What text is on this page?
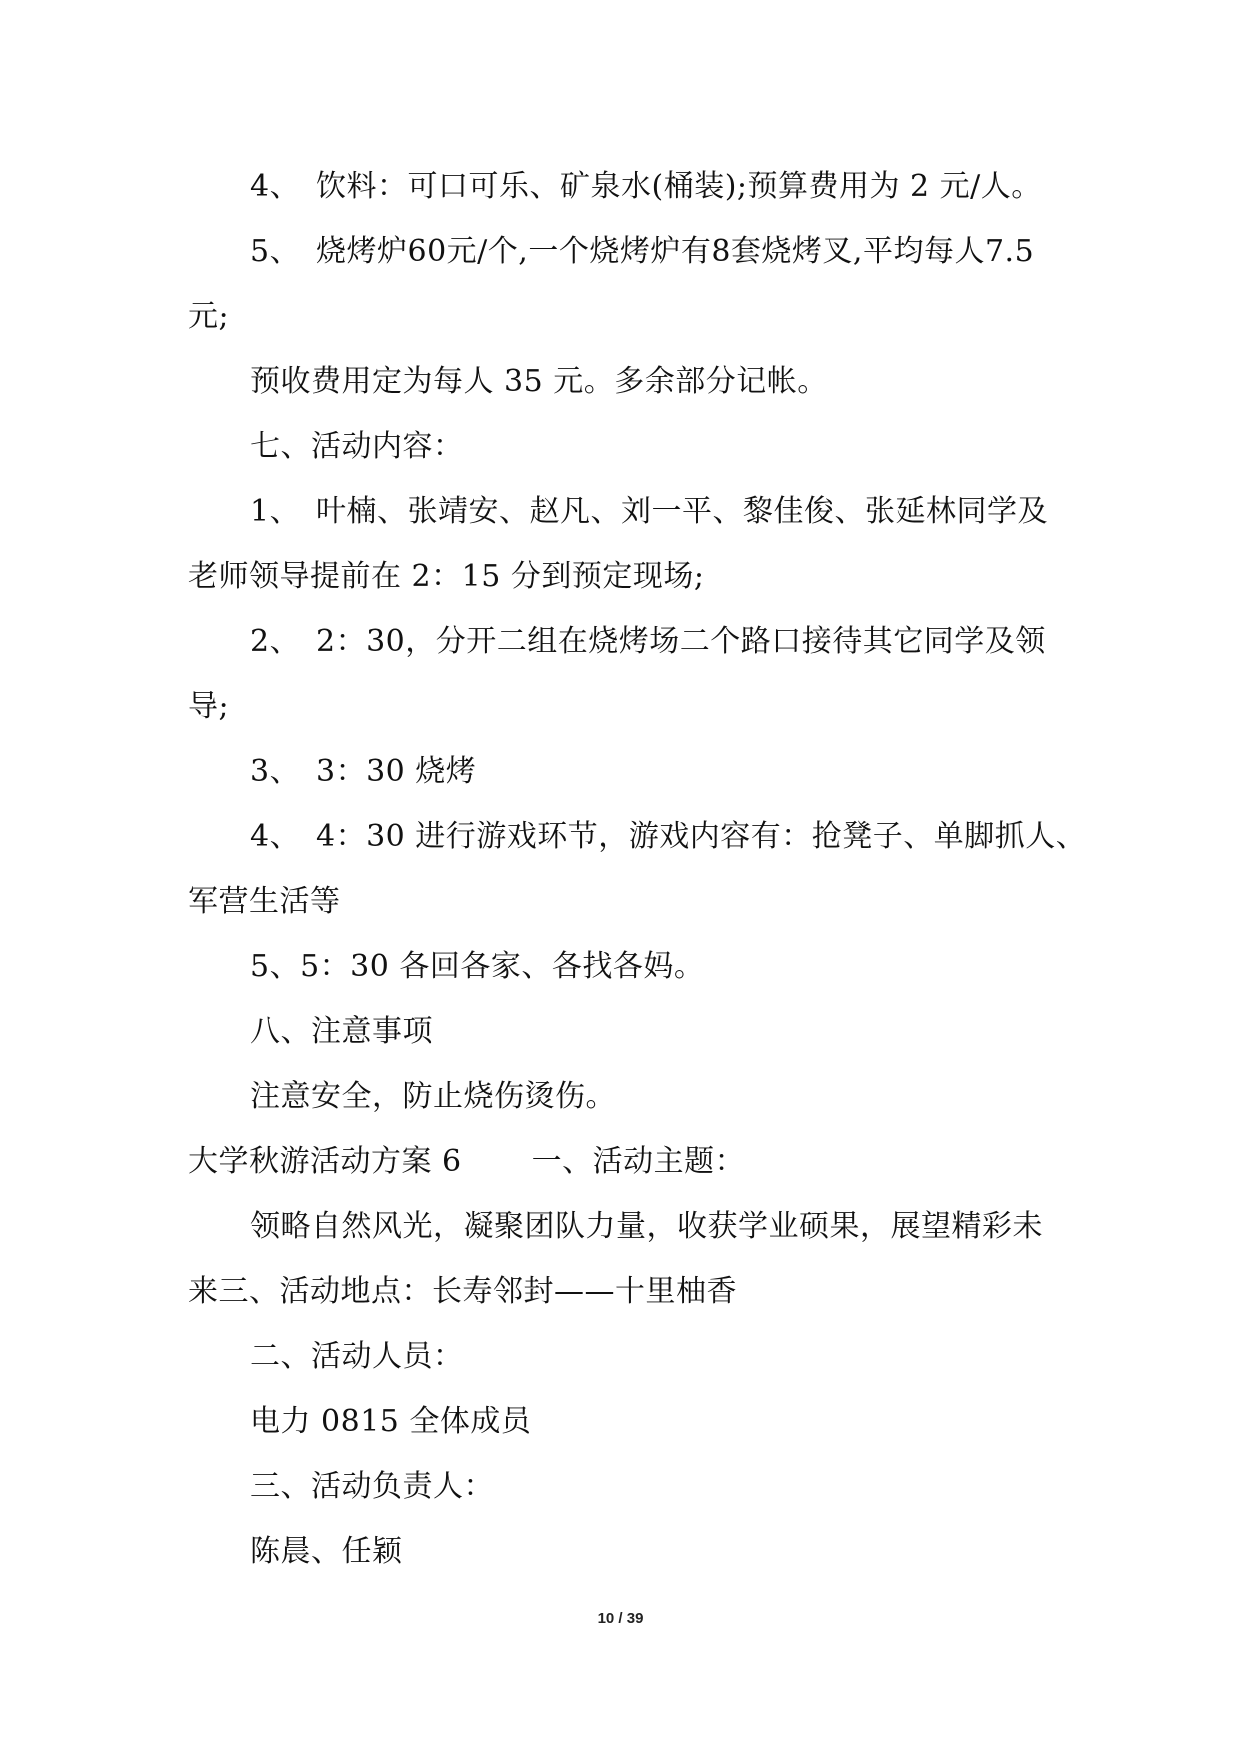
4、 饮料：可口可乐、矿泉水(桶装);预算费用为 2 元/人。
5、 烧烤炉60元/个,一个烧烤炉有8套烧烤叉,平均每人7.5
元;
预收费用定为每人 35 元。多余部分记帐。
七、活动内容：
1、 叶楠、张靖安、赵凡、刘一平、黎佳俊、张延林同学及
老师领导提前在 2：15 分到预定现场;
2、 2：30，分开二组在烧烤场二个路口接待其它同学及领
导;
3、 3：30 烧烤
4、 4：30 进行游戏环节，游戏内容有：抢凳子、单脚抓人、
军营生活等
5、5：30 各回各家、各找各妈。
八、注意事项
注意安全，防止烧伤烫伤。
大学秋游活动方案 6 一、活动主题：
领略自然风光，凝聚团队力量，收获学业硕果，展望精彩未
来三、活动地点：长寿邻封——十里柚香
二、活动人员：
电力 0815 全体成员
三、活动负责人：
陈晨、任颖
10 / 39
